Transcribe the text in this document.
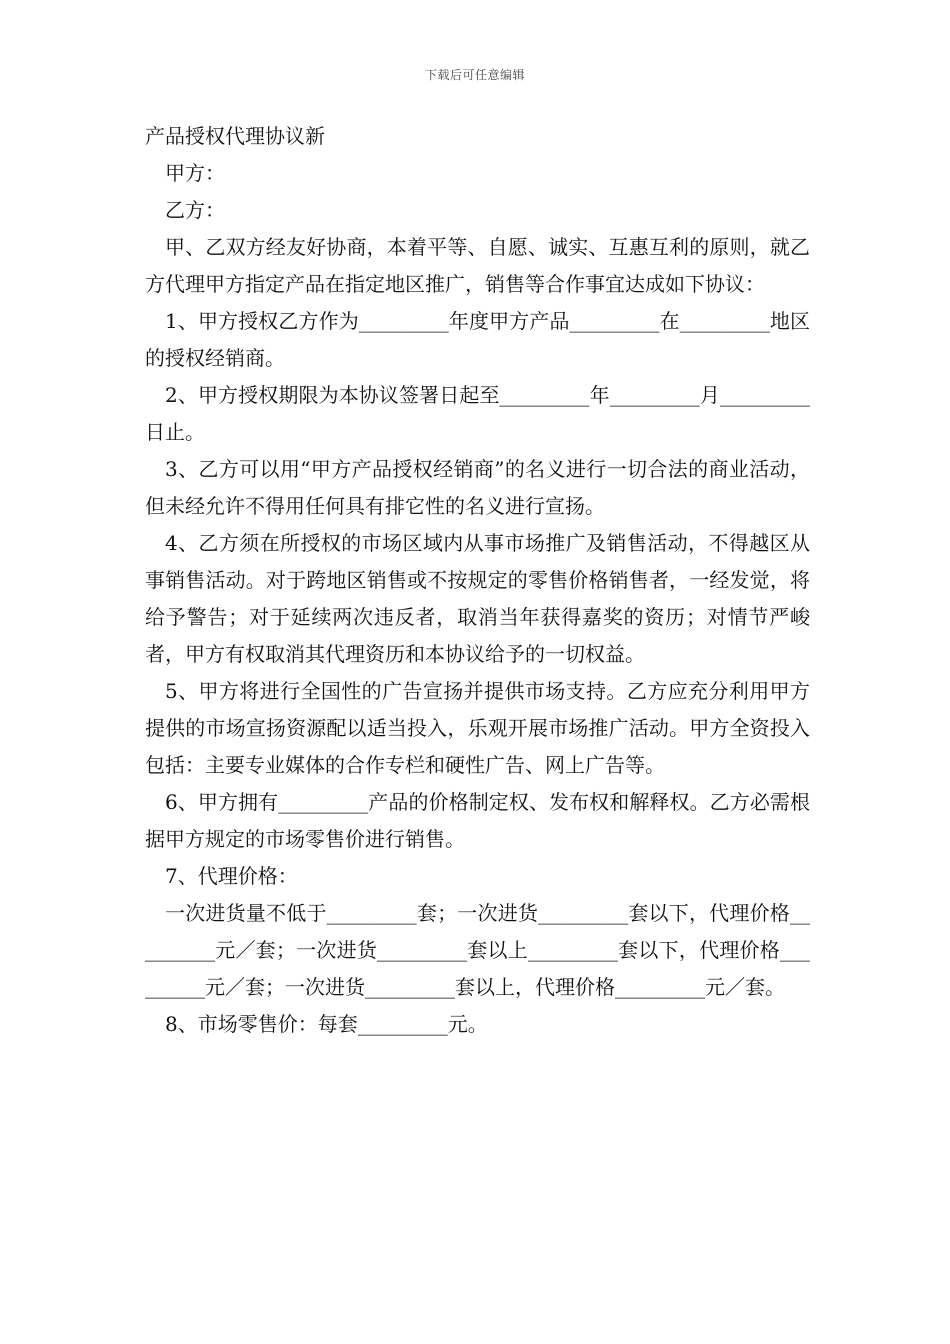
下载后可任意编辑

产品授权代理协议新

甲方：

乙方：

甲、乙双方经友好协商，本着平等、自愿、诚实、互惠互利的原则，就乙方代理甲方指定产品在指定地区推广，销售等合作事宜达成如下协议：

1、甲方授权乙方作为_________年度甲方产品_________在_________地区的授权经销商。

2、甲方授权期限为本协议签署日起至_________年_________月_________日止。

3、乙方可以用“甲方产品授权经销商”的名义进行一切合法的商业活动，但未经允许不得用任何具有排它性的名义进行宣扬。

4、乙方须在所授权的市场区域内从事市场推广及销售活动，不得越区从事销售活动。对于跨地区销售或不按规定的零售价格销售者，一经发觉，将给予警告；对于延续两次违反者，取消当年获得嘉奖的资历；对情节严峻者，甲方有权取消其代理资历和本协议给予的一切权益。

5、甲方将进行全国性的广告宣扬并提供市场支持。乙方应充分利用甲方提供的市场宣扬资源配以适当投入，乐观开展市场推广活动。甲方全资投入包括：主要专业媒体的合作专栏和硬性广告、网上广告等。

6、甲方拥有_________产品的价格制定权、发布权和解释权。乙方必需根据甲方规定的市场零售价进行销售。

7、代理价格：

一次进货量不低于_________套；一次进货_________套以下，代理价格_________元／套；一次进货_________套以上_________套以下，代理价格_________元／套；一次进货_________套以上，代理价格_________元／套。

8、市场零售价：每套_________元。
